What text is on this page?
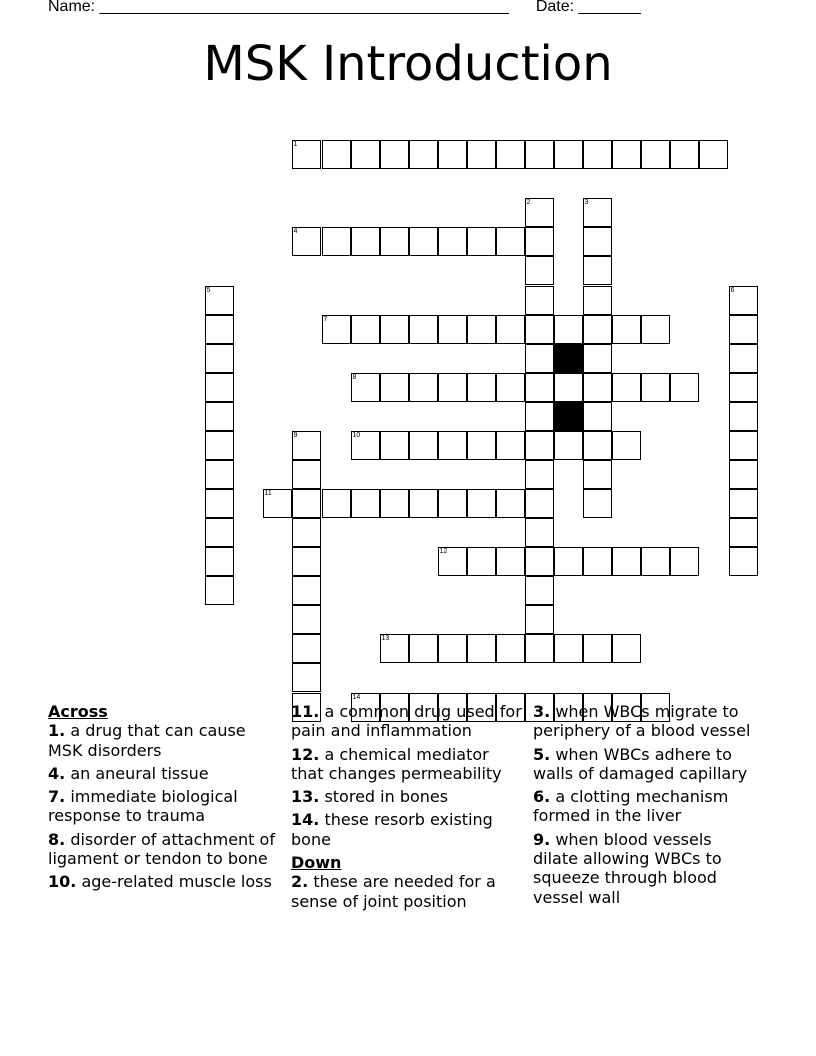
Name: ______________________________________________ Date: _______
MSK Introduction
1
2	3
4
5	6
7
8
9	10
11
12
13
14
Across
1. a drug that can cause MSK disorders
4. an aneural tissue
7. immediate biological response to trauma
8. disorder of attachment of ligament or tendon to bone
10. age-related muscle loss
11. a common drug used for pain and inflammation
12. a chemical mediator that changes permeability
13. stored in bones
14. these resorb existing bone
Down
2. these are needed for a sense of joint position
3. when WBCs migrate to periphery of a blood vessel
5. when WBCs adhere to walls of damaged capillary
6. a clotting mechanism formed in the liver
9. when blood vessels dilate allowing WBCs to squeeze through blood vessel wall
